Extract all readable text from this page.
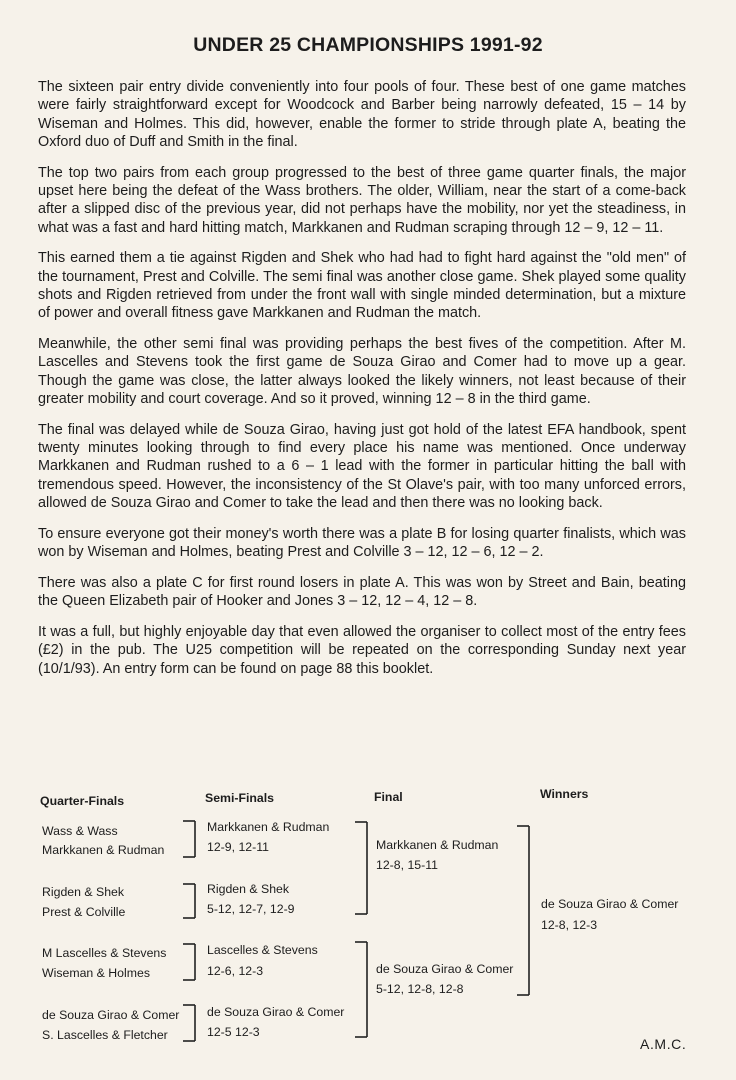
UNDER 25 CHAMPIONSHIPS 1991-92

The sixteen pair entry divide conveniently into four pools of four. These best of one game matches were fairly straightforward except for Woodcock and Barber being narrowly defeated, 15 – 14 by Wiseman and Holmes. This did, however, enable the former to stride through plate A, beating the Oxford duo of Duff and Smith in the final.

The top two pairs from each group progressed to the best of three game quarter finals, the major upset here being the defeat of the Wass brothers. The older, William, near the start of a come-back after a slipped disc of the previous year, did not perhaps have the mobility, nor yet the steadiness, in what was a fast and hard hitting match, Markkanen and Rudman scraping through 12 – 9, 12 – 11.

This earned them a tie against Rigden and Shek who had had to fight hard against the "old men" of the tournament, Prest and Colville. The semi final was another close game. Shek played some quality shots and Rigden retrieved from under the front wall with single minded determination, but a mixture of power and overall fitness gave Markkanen and Rudman the match.

Meanwhile, the other semi final was providing perhaps the best fives of the competition. After M. Lascelles and Stevens took the first game de Souza Girao and Comer had to move up a gear. Though the game was close, the latter always looked the likely winners, not least because of their greater mobility and court coverage. And so it proved, winning 12 – 8 in the third game.

The final was delayed while de Souza Girao, having just got hold of the latest EFA handbook, spent twenty minutes looking through to find every place his name was mentioned. Once underway Markkanen and Rudman rushed to a 6 – 1 lead with the former in particular hitting the ball with tremendous speed. However, the inconsistency of the St Olave's pair, with too many unforced errors, allowed de Souza Girao and Comer to take the lead and then there was no looking back.

To ensure everyone got their money's worth there was a plate B for losing quarter finalists, which was won by Wiseman and Holmes, beating Prest and Colville 3 – 12, 12 – 6, 12 – 2.

There was also a plate C for first round losers in plate A. This was won by Street and Bain, beating the Queen Elizabeth pair of Hooker and Jones 3 – 12, 12 – 4, 12 – 8.

It was a full, but highly enjoyable day that even allowed the organiser to collect most of the entry fees (£2) in the pub. The U25 competition will be repeated on the corresponding Sunday next year (10/1/93). An entry form can be found on page 88 this booklet.

Quarter-Finals	Semi-Finals	Final	Winners
Wass & Wass
Markkanen & Rudman
Rigden & Shek
Prest & Colville
M Lascelles & Stevens
Wiseman & Holmes
de Souza Girao & Comer
S. Lascelles & Fletcher
Markkanen & Rudman
12-9, 12-11
Rigden & Shek
5-12, 12-7, 12-9
Lascelles & Stevens
12-6, 12-3
de Souza Girao & Comer
12-5 12-3
Markkanen & Rudman
12-8, 15-11
de Souza Girao & Comer
5-12, 12-8, 12-8
de Souza Girao & Comer
12-8, 12-3
A.M.C.
